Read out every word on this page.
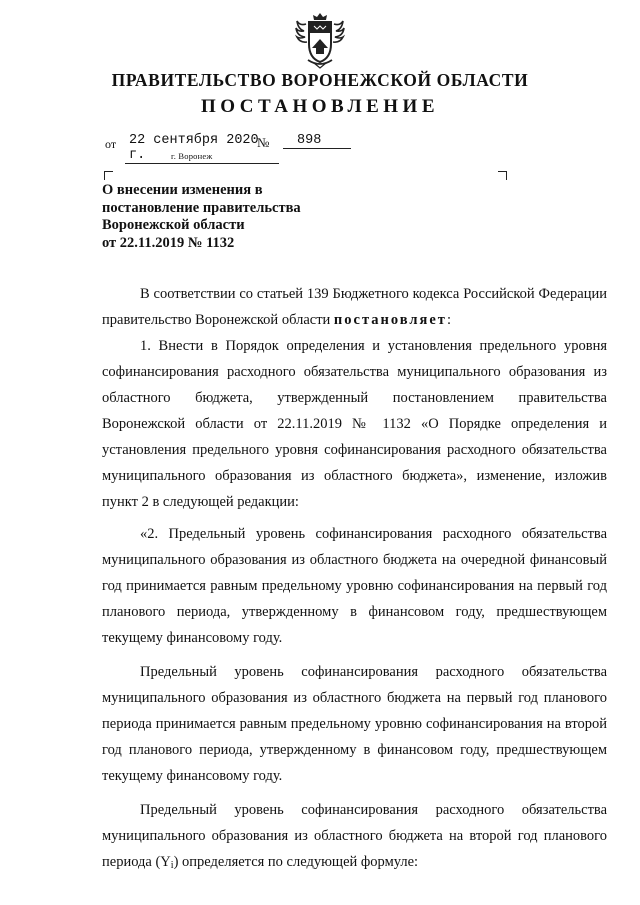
ПРАВИТЕЛЬСТВО ВОРОНЕЖСКОЙ ОБЛАСТИ
ПОСТАНОВЛЕНИЕ
от 22 сентября 2020 г.
№	898
г. Воронеж
О внесении изменения в
постановление правительства
Воронежской области
от 22.11.2019 № 1132

В соответствии со статьей 139 Бюджетного кодекса Российской Федерации правительство Воронежской области постановляет:

1. Внести в Порядок определения и установления предельного уровня софинансирования расходного обязательства муниципального образования из областного бюджета, утвержденный постановлением правительства Воронежской области от 22.11.2019 № 1132 «О Порядке определения и установления предельного уровня софинансирования расходного обязательства муниципального образования из областного бюджета», изменение, изложив пункт 2 в следующей редакции:

«2. Предельный уровень софинансирования расходного обязательства муниципального образования из областного бюджета на очередной финансовый год принимается равным предельному уровню софинансирования на первый год планового периода, утвержденному в финансовом году, предшествующем текущему финансовому году.

Предельный уровень софинансирования расходного обязательства муниципального образования из областного бюджета на первый год планового периода принимается равным предельному уровню софинансирования на второй год планового периода, утвержденному в финансовом году, предшествующем текущему финансовому году.

Предельный уровень софинансирования расходного обязательства муниципального образования из областного бюджета на второй год планового периода $(Y_i)$ определяется по следующей формуле:
